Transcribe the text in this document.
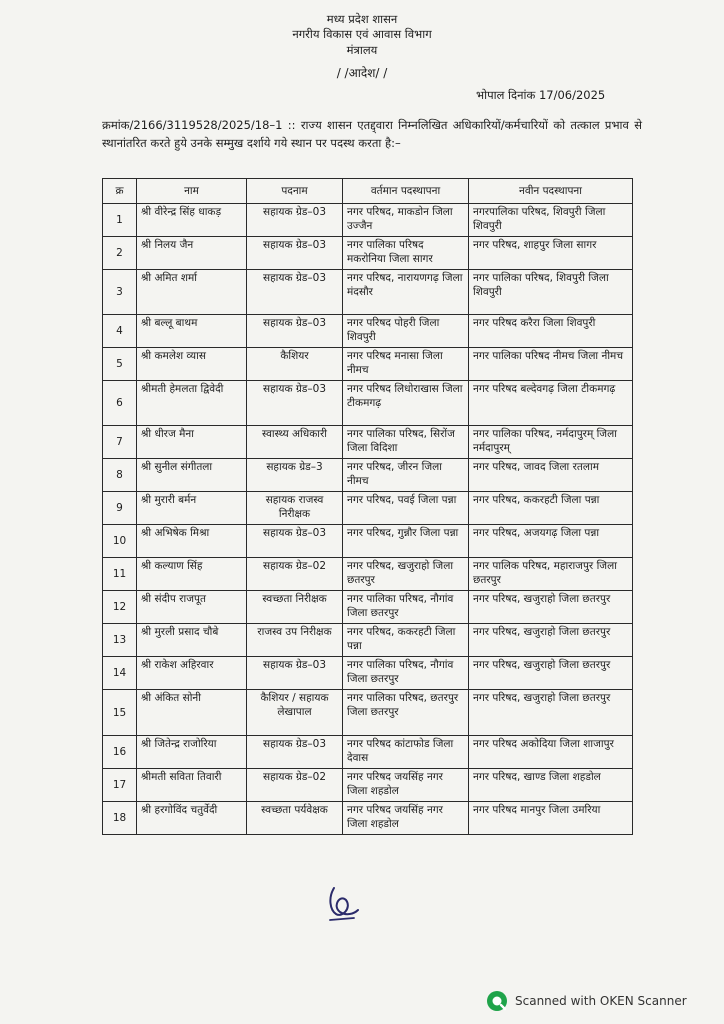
मध्य प्रदेश शासन
नगरीय विकास एवं आवास विभाग
मंत्रालय
/ /आदेश/ /
भोपाल दिनांक 17/06/2025
क्रमांक/2166/3119528/2025/18–1 :: राज्य शासन एतद्द्वारा निम्नलिखित अधिकारियों/कर्मचारियों को तत्काल प्रभाव से स्थानांतरित करते हुये उनके सम्मुख दर्शाये गये स्थान पर पदस्थ करता है:–
क्र	नाम	पदनाम	वर्तमान पदस्थापना	नवीन पदस्थापना
1	श्री वीरेन्द्र सिंह धाकड़	सहायक ग्रेड–03	नगर परिषद, माकडोन जिला उज्जैन	नगरपालिका परिषद, शिवपुरी जिला शिवपुरी
2	श्री निलय जैन	सहायक ग्रेड–03	नगर पालिका परिषद मकरोनिया जिला सागर	नगर परिषद, शाहपुर जिला सागर
3	श्री अमित शर्मा	सहायक ग्रेड–03	नगर परिषद, नारायणगढ़ जिला मंदसौर	नगर पालिका परिषद, शिवपुरी जिला शिवपुरी
4	श्री बल्लू बाथम	सहायक ग्रेड–03	नगर परिषद पोहरी जिला शिवपुरी	नगर परिषद करैरा जिला शिवपुरी
5	श्री कमलेश व्यास	कैशियर	नगर परिषद मनासा जिला नीमच	नगर पालिका परिषद नीमच जिला नीमच
6	श्रीमती हेमलता द्विवेदी	सहायक ग्रेड–03	नगर परिषद लिधोराखास जिला टीकमगढ़	नगर परिषद बल्देवगढ़ जिला टीकमगढ़
7	श्री धीरज मैना	स्वास्थ्य अधिकारी	नगर पालिका परिषद, सिरोंज जिला विदिशा	नगर पालिका परिषद, नर्मदापुरम् जिला नर्मदापुरम्
8	श्री सुनील संगीतला	सहायक ग्रेड–3	नगर परिषद, जीरन जिला नीमच	नगर परिषद, जावद जिला रतलाम
9	श्री मुरारी बर्मन	सहायक राजस्व निरीक्षक	नगर परिषद, पवई जिला पन्ना	नगर परिषद, ककरहटी जिला पन्ना
10	श्री अभिषेक मिश्रा	सहायक ग्रेड–03	नगर परिषद, गुन्नौर जिला पन्ना	नगर परिषद, अजयगढ़ जिला पन्ना
11	श्री कल्याण सिंह	सहायक ग्रेड–02	नगर परिषद, खजुराहो जिला छतरपुर	नगर पालिक परिषद, महाराजपुर जिला छतरपुर
12	श्री संदीप राजपूत	स्वच्छता निरीक्षक	नगर पालिका परिषद, नौगांव जिला छतरपुर	नगर परिषद, खजुराहो जिला छतरपुर
13	श्री मुरली प्रसाद चौबे	राजस्व उप निरीक्षक	नगर परिषद, ककरहटी जिला पन्ना	नगर परिषद, खजुराहो जिला छतरपुर
14	श्री राकेश अहिरवार	सहायक ग्रेड–03	नगर पालिका परिषद, नौगांव जिला छतरपुर	नगर परिषद, खजुराहो जिला छतरपुर
15	श्री अंकित सोनी	कैशियर / सहायक लेखापाल	नगर पालिका परिषद, छतरपुर जिला छतरपुर	नगर परिषद, खजुराहो जिला छतरपुर
16	श्री जितेन्द्र राजोरिया	सहायक ग्रेड–03	नगर परिषद कांटाफोड जिला देवास	नगर परिषद अकोदिया जिला शाजापुर
17	श्रीमती सविता तिवारी	सहायक ग्रेड–02	नगर परिषद जयसिंह नगर जिला शहडोल	नगर परिषद, खाण्ड जिला शहडोल
18	श्री हरगोविंद चतुर्वेदी	स्वच्छता पर्यवेक्षक	नगर परिषद जयसिंह नगर जिला शहडोल	नगर परिषद मानपुर जिला उमरिया
Scanned with OKEN Scanner
